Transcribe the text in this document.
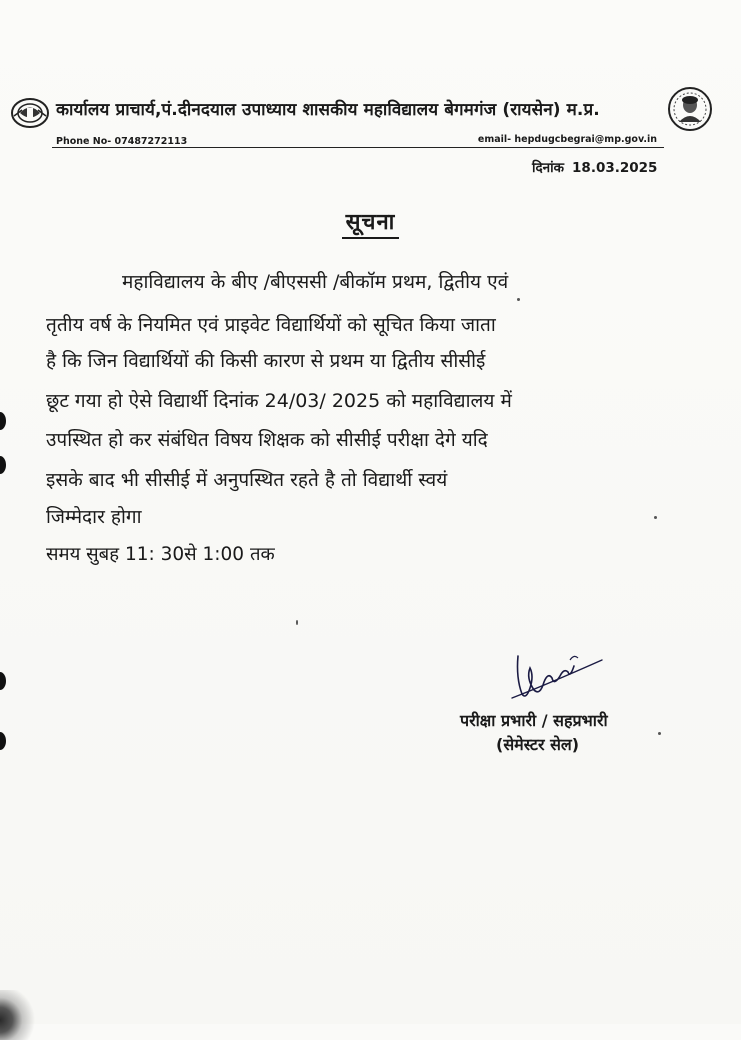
कार्यालय प्राचार्य,पं.दीनदयाल उपाध्याय शासकीय महाविद्यालय बेगमगंज (रायसेन) म.प्र.
Phone No- 07487272113	email- hepdugcbegrai@mp.gov.in
दिनांक 18.03.2025
सूचना
महाविद्यालय के बीए /बीएससी /बीकॉम प्रथम, द्वितीय एवं
तृतीय वर्ष के नियमित एवं प्राइवेट विद्यार्थियों को सूचित किया जाता
है कि जिन विद्यार्थियों की किसी कारण से प्रथम या द्वितीय सीसीई
छूट गया हो ऐसे विद्यार्थी दिनांक 24/03/ 2025 को महाविद्यालय में
उपस्थित हो कर संबंधित विषय शिक्षक को सीसीई परीक्षा देगे यदि
इसके बाद भी सीसीई में अनुपस्थित रहते है तो विद्यार्थी स्वयं
जिम्मेदार होगा
समय सुबह 11: 30से 1:00 तक
परीक्षा प्रभारी / सहप्रभारी
(सेमेस्टर सेल)
